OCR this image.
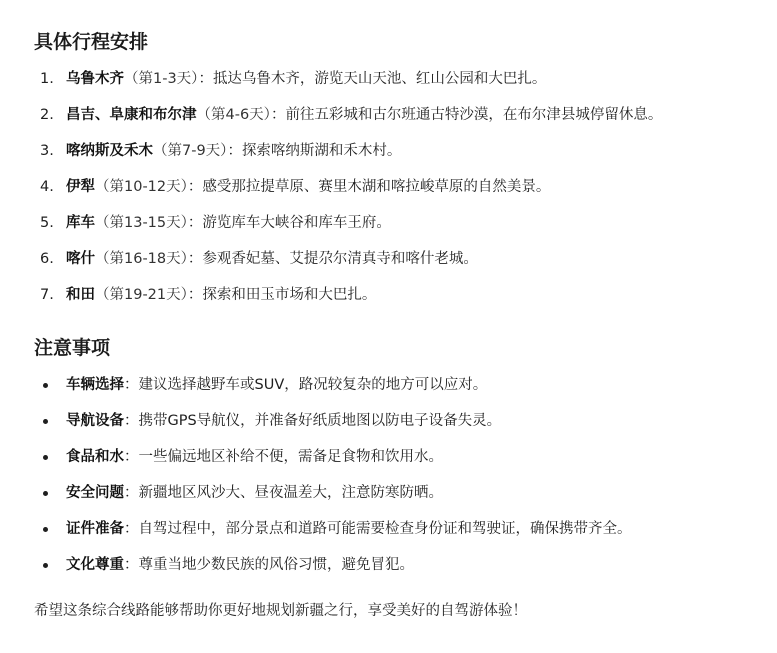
具体行程安排
1. 乌鲁木齐（第1-3天）：抵达乌鲁木齐，游览天山天池、红山公园和大巴扎。
2. 昌吉、阜康和布尔津（第4-6天）：前往五彩城和古尔班通古特沙漠，在布尔津县城停留休息。
3. 喀纳斯及禾木（第7-9天）：探索喀纳斯湖和禾木村。
4. 伊犁（第10-12天）：感受那拉提草原、赛里木湖和喀拉峻草原的自然美景。
5. 库车（第13-15天）：游览库车大峡谷和库车王府。
6. 喀什（第16-18天）：参观香妃墓、艾提尕尔清真寺和喀什老城。
7. 和田（第19-21天）：探索和田玉市场和大巴扎。
注意事项
车辆选择：建议选择越野车或SUV，路况较复杂的地方可以应对。
导航设备：携带GPS导航仪，并准备好纸质地图以防电子设备失灵。
食品和水：一些偏远地区补给不便，需备足食物和饮用水。
安全问题：新疆地区风沙大、昼夜温差大，注意防寒防晒。
证件准备：自驾过程中，部分景点和道路可能需要检查身份证和驾驶证，确保携带齐全。
文化尊重：尊重当地少数民族的风俗习惯，避免冒犯。

希望这条综合线路能够帮助你更好地规划新疆之行，享受美好的自驾游体验！
